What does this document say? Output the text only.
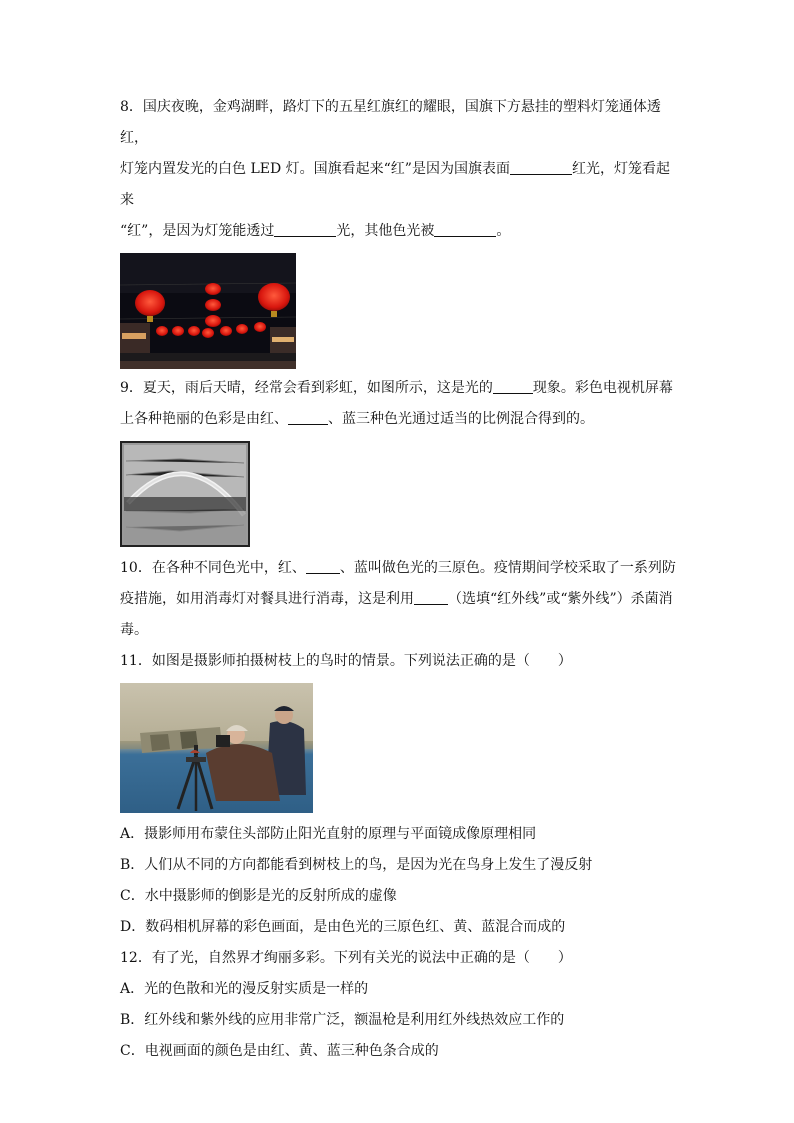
8．国庆夜晚，金鸡湖畔，路灯下的五星红旗红的耀眼，国旗下方悬挂的塑料灯笼通体透红，

灯笼内置发光的白色 LED 灯。国旗看起来“红”是因为国旗表面	红光，灯笼看起来

“红”，是因为灯笼能透过	光，其他色光被	。

9．夏天，雨后天晴，经常会看到彩虹，如图所示，这是光的	现象。彩色电视机屏幕

上各种艳丽的色彩是由红、	、蓝三种色光通过适当的比例混合得到的。

10．在各种不同色光中，红、 、蓝叫做色光的三原色。疫情期间学校采取了一系列防

疫措施，如用消毒灯对餐具进行消毒，这是利用 （选填“红外线”或“紫外线”）杀菌消

毒。

11．如图是摄影师拍摄树枝上的鸟时的情景。下列说法正确的是（　　）

A．摄影师用布蒙住头部防止阳光直射的原理与平面镜成像原理相同

B．人们从不同的方向都能看到树枝上的鸟，是因为光在鸟身上发生了漫反射

C．水中摄影师的倒影是光的反射所成的虚像

D．数码相机屏幕的彩色画面，是由色光的三原色红、黄、蓝混合而成的

12．有了光，自然界才绚丽多彩。下列有关光的说法中正确的是（　　）

A．光的色散和光的漫反射实质是一样的

B．红外线和紫外线的应用非常广泛，额温枪是利用红外线热效应工作的

C．电视画面的颜色是由红、黄、蓝三种色条合成的
